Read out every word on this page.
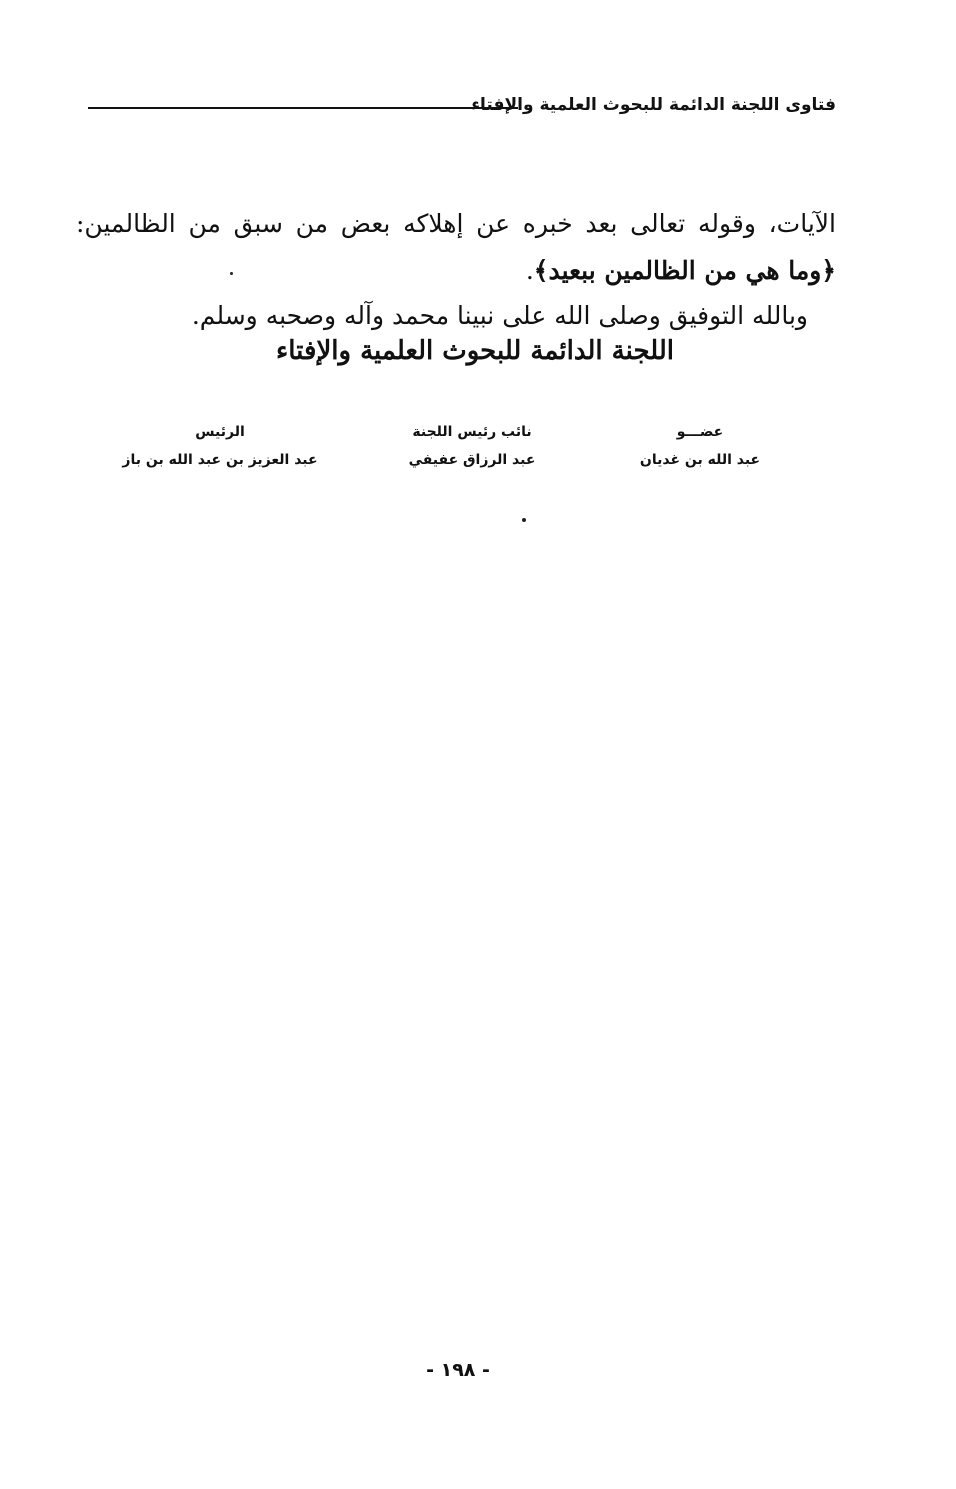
فتاوى اللجنة الدائمة للبحوث العلمية والإفتاء
الآيات، وقوله تعالى بعد خبره عن إهلاكه بعض من سبق من الظالمين: ﴿وما هي من الظالمين ببعيد﴾.
وبالله التوفيق وصلى الله على نبينا محمد وآله وصحبه وسلم.
اللجنة الدائمة للبحوث العلمية والإفتاء
عضـــو
عبد الله بن غديان
نائب رئيس اللجنة
عبد الرزاق عفيفي
الرئيس
عبد العزيز بن عبد الله بن باز
- ١٩٨ -
